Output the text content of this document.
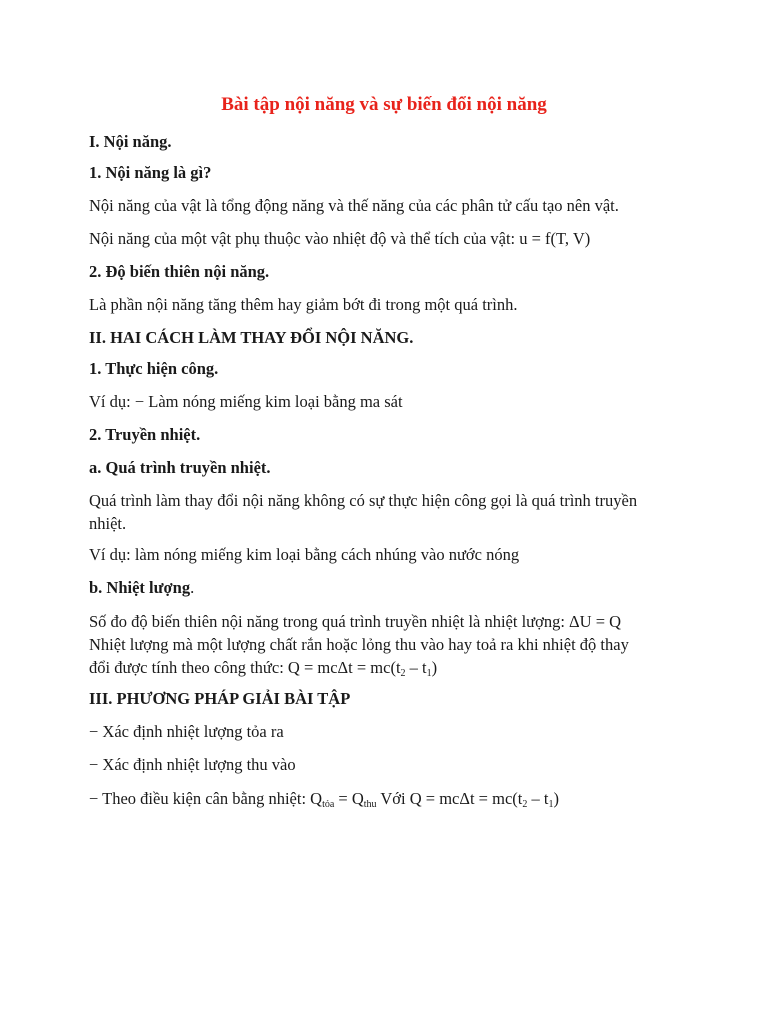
Bài tập nội năng và sự biến đổi nội năng
I. Nội năng.
1. Nội năng là gì?
Nội năng của vật là tổng động năng và thế năng của các phân tử cấu tạo nên vật.
Nội năng của một vật phụ thuộc vào nhiệt độ và thể tích của vật: u = f(T, V)
2. Độ biến thiên nội năng.
Là phần nội năng tăng thêm hay giảm bớt đi trong một quá trình.
II. HAI CÁCH LÀM THAY ĐỔI NỘI NĂNG.
1. Thực hiện công.
Ví dụ: − Làm nóng miếng kim loại bằng ma sát
2. Truyền nhiệt.
a. Quá trình truyền nhiệt.
Quá trình làm thay đổi nội năng không có sự thực hiện công gọi là quá trình truyền
nhiệt.
Ví dụ: làm nóng miếng kim loại bằng cách nhúng vào nước nóng
b. Nhiệt lượng.
Số đo độ biến thiên nội năng trong quá trình truyền nhiệt là nhiệt lượng: ΔU = Q
Nhiệt lượng mà một lượng chất rắn hoặc lỏng thu vào hay toả ra khi nhiệt độ thay
đổi được tính theo công thức: $Q = mc\Delta t = mc(t_2 - t_1)$
III. PHƯƠNG PHÁP GIẢI BÀI TẬP
− Xác định nhiệt lượng tỏa ra
− Xác định nhiệt lượng thu vào
− Theo điều kiện cân bằng nhiệt: $Q_{tỏa} = Q_{thu}$ Với $Q = mc\Delta t = mc(t_2 - t_1)$
